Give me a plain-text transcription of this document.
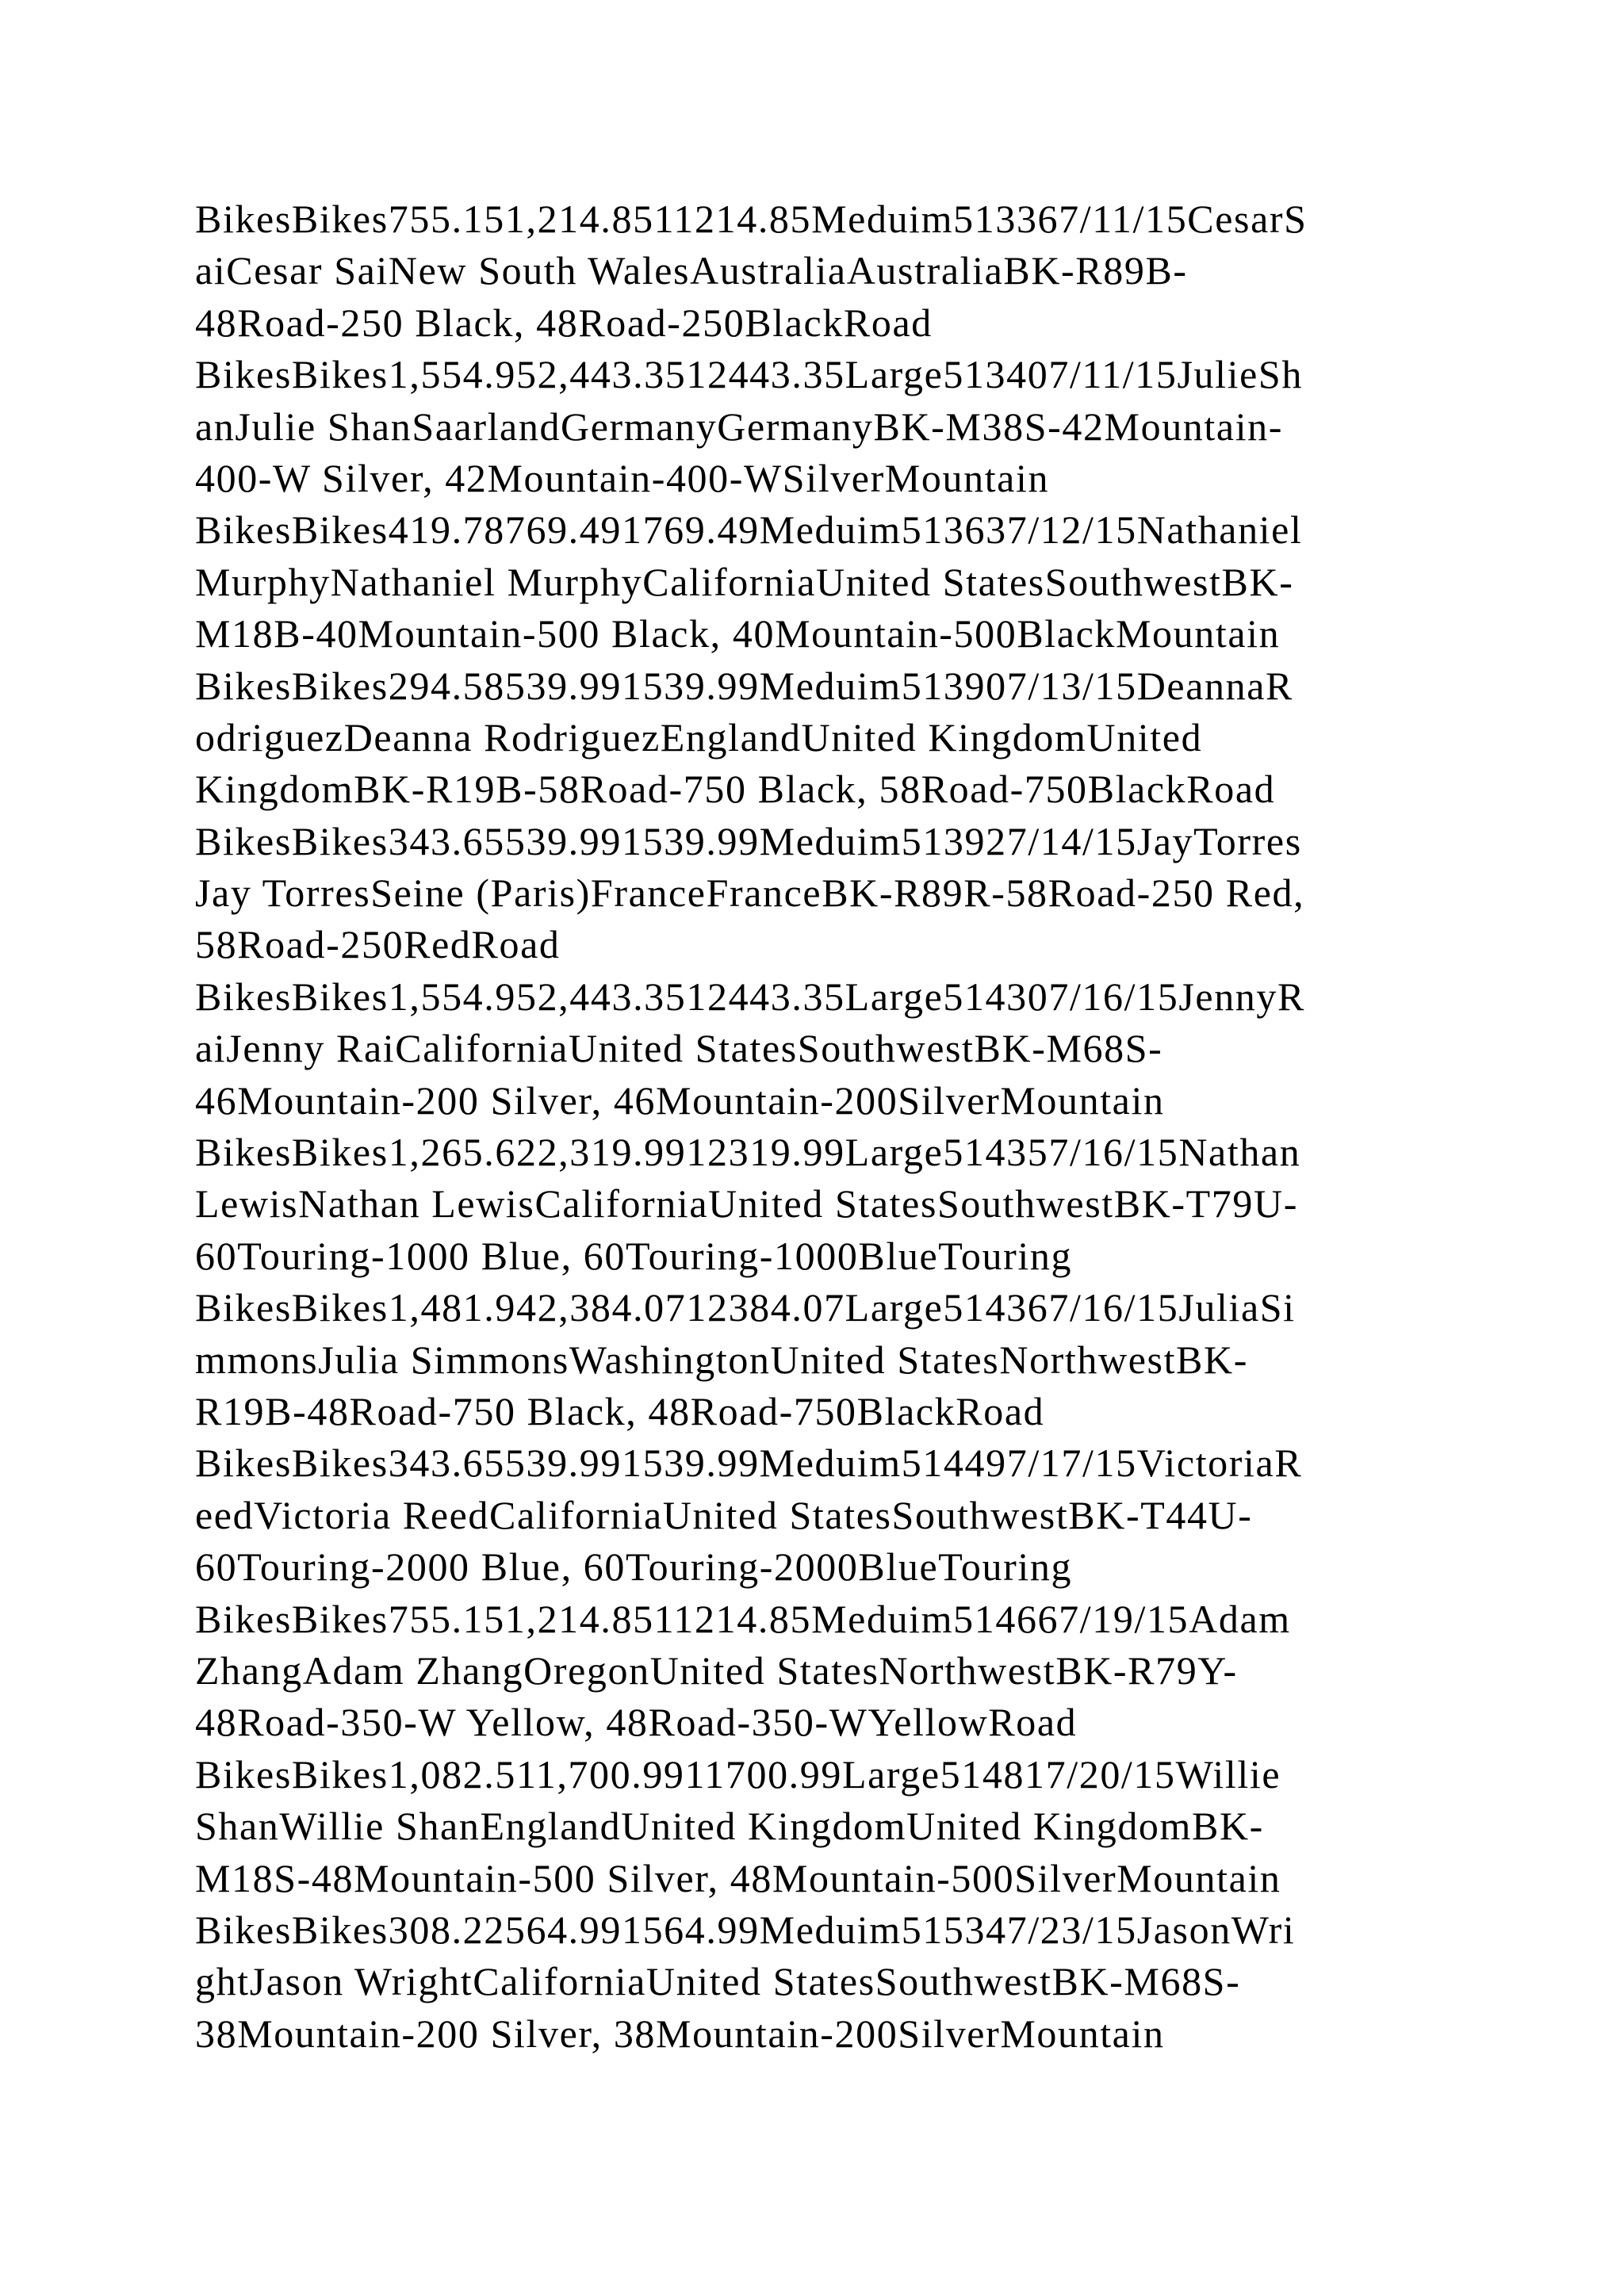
BikesBikes755.151,214.8511214.85Meduim513367/11/15CesarS

aiCesar SaiNew South WalesAustraliaAustraliaBK-R89B-

48Road-250 Black, 48Road-250BlackRoad

BikesBikes1,554.952,443.3512443.35Large513407/11/15JulieSh

anJulie ShanSaarlandGermanyGermanyBK-M38S-42Mountain-

400-W Silver, 42Mountain-400-WSilverMountain

BikesBikes419.78769.491769.49Meduim513637/12/15Nathaniel

MurphyNathaniel MurphyCaliforniaUnited StatesSouthwestBK-

M18B-40Mountain-500 Black, 40Mountain-500BlackMountain

BikesBikes294.58539.991539.99Meduim513907/13/15DeannaR

odriguezDeanna RodriguezEnglandUnited KingdomUnited

KingdomBK-R19B-58Road-750 Black, 58Road-750BlackRoad

BikesBikes343.65539.991539.99Meduim513927/14/15JayTorres

Jay TorresSeine (Paris)FranceFranceBK-R89R-58Road-250 Red,

58Road-250RedRoad

BikesBikes1,554.952,443.3512443.35Large514307/16/15JennyR

aiJenny RaiCaliforniaUnited StatesSouthwestBK-M68S-

46Mountain-200 Silver, 46Mountain-200SilverMountain

BikesBikes1,265.622,319.9912319.99Large514357/16/15Nathan

LewisNathan LewisCaliforniaUnited StatesSouthwestBK-T79U-

60Touring-1000 Blue, 60Touring-1000BlueTouring

BikesBikes1,481.942,384.0712384.07Large514367/16/15JuliaSi

mmonsJulia SimmonsWashingtonUnited StatesNorthwestBK-

R19B-48Road-750 Black, 48Road-750BlackRoad

BikesBikes343.65539.991539.99Meduim514497/17/15VictoriaR

eedVictoria ReedCaliforniaUnited StatesSouthwestBK-T44U-

60Touring-2000 Blue, 60Touring-2000BlueTouring

BikesBikes755.151,214.8511214.85Meduim514667/19/15Adam

ZhangAdam ZhangOregonUnited StatesNorthwestBK-R79Y-

48Road-350-W Yellow, 48Road-350-WYellowRoad

BikesBikes1,082.511,700.9911700.99Large514817/20/15Willie

ShanWillie ShanEnglandUnited KingdomUnited KingdomBK-

M18S-48Mountain-500 Silver, 48Mountain-500SilverMountain

BikesBikes308.22564.991564.99Meduim515347/23/15JasonWri

ghtJason WrightCaliforniaUnited StatesSouthwestBK-M68S-

38Mountain-200 Silver, 38Mountain-200SilverMountain
